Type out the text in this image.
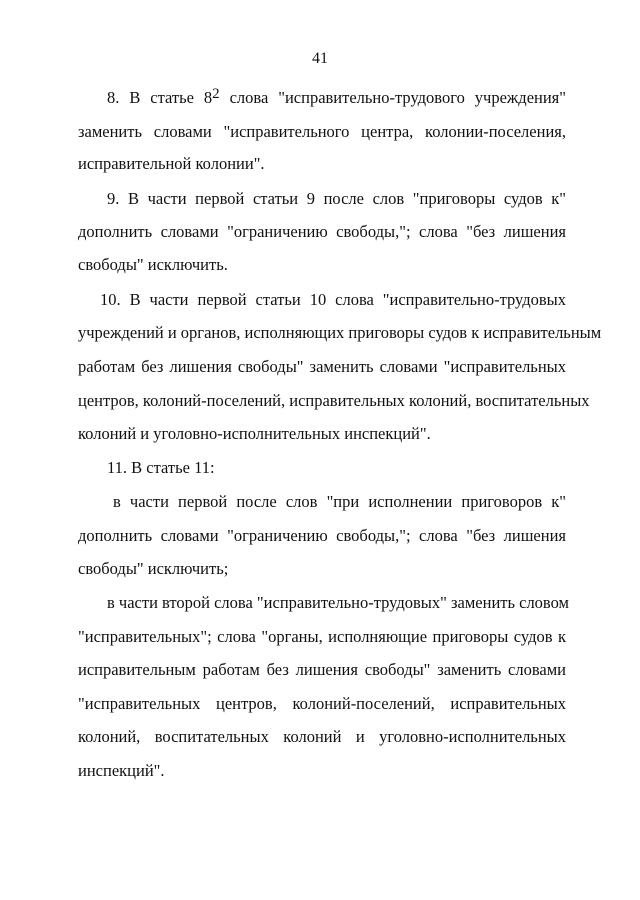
41
8. В статье 82 слова "исправительно-трудового учреждения"
заменить словами "исправительного центра, колонии-поселения,
исправительной колонии".
9. В части первой статьи 9 после слов "приговоры судов к"
дополнить словами "ограничению свободы,"; слова "без лишения
свободы" исключить.
10. В части первой статьи 10 слова "исправительно-трудовых
учреждений и органов, исполняющих приговоры судов к исправительным
работам без лишения свободы" заменить словами "исправительных
центров, колоний-поселений, исправительных колоний, воспитательных
колоний и уголовно-исполнительных инспекций".
11. В статье 11:
в части первой после слов "при исполнении приговоров к"
дополнить словами "ограничению свободы,"; слова "без лишения
свободы" исключить;
в части второй слова "исправительно-трудовых" заменить словом
"исправительных"; слова "органы, исполняющие приговоры судов к
исправительным работам без лишения свободы" заменить словами
"исправительных центров, колоний-поселений, исправительных
колоний, воспитательных колоний и уголовно-исполнительных
инспекций".
